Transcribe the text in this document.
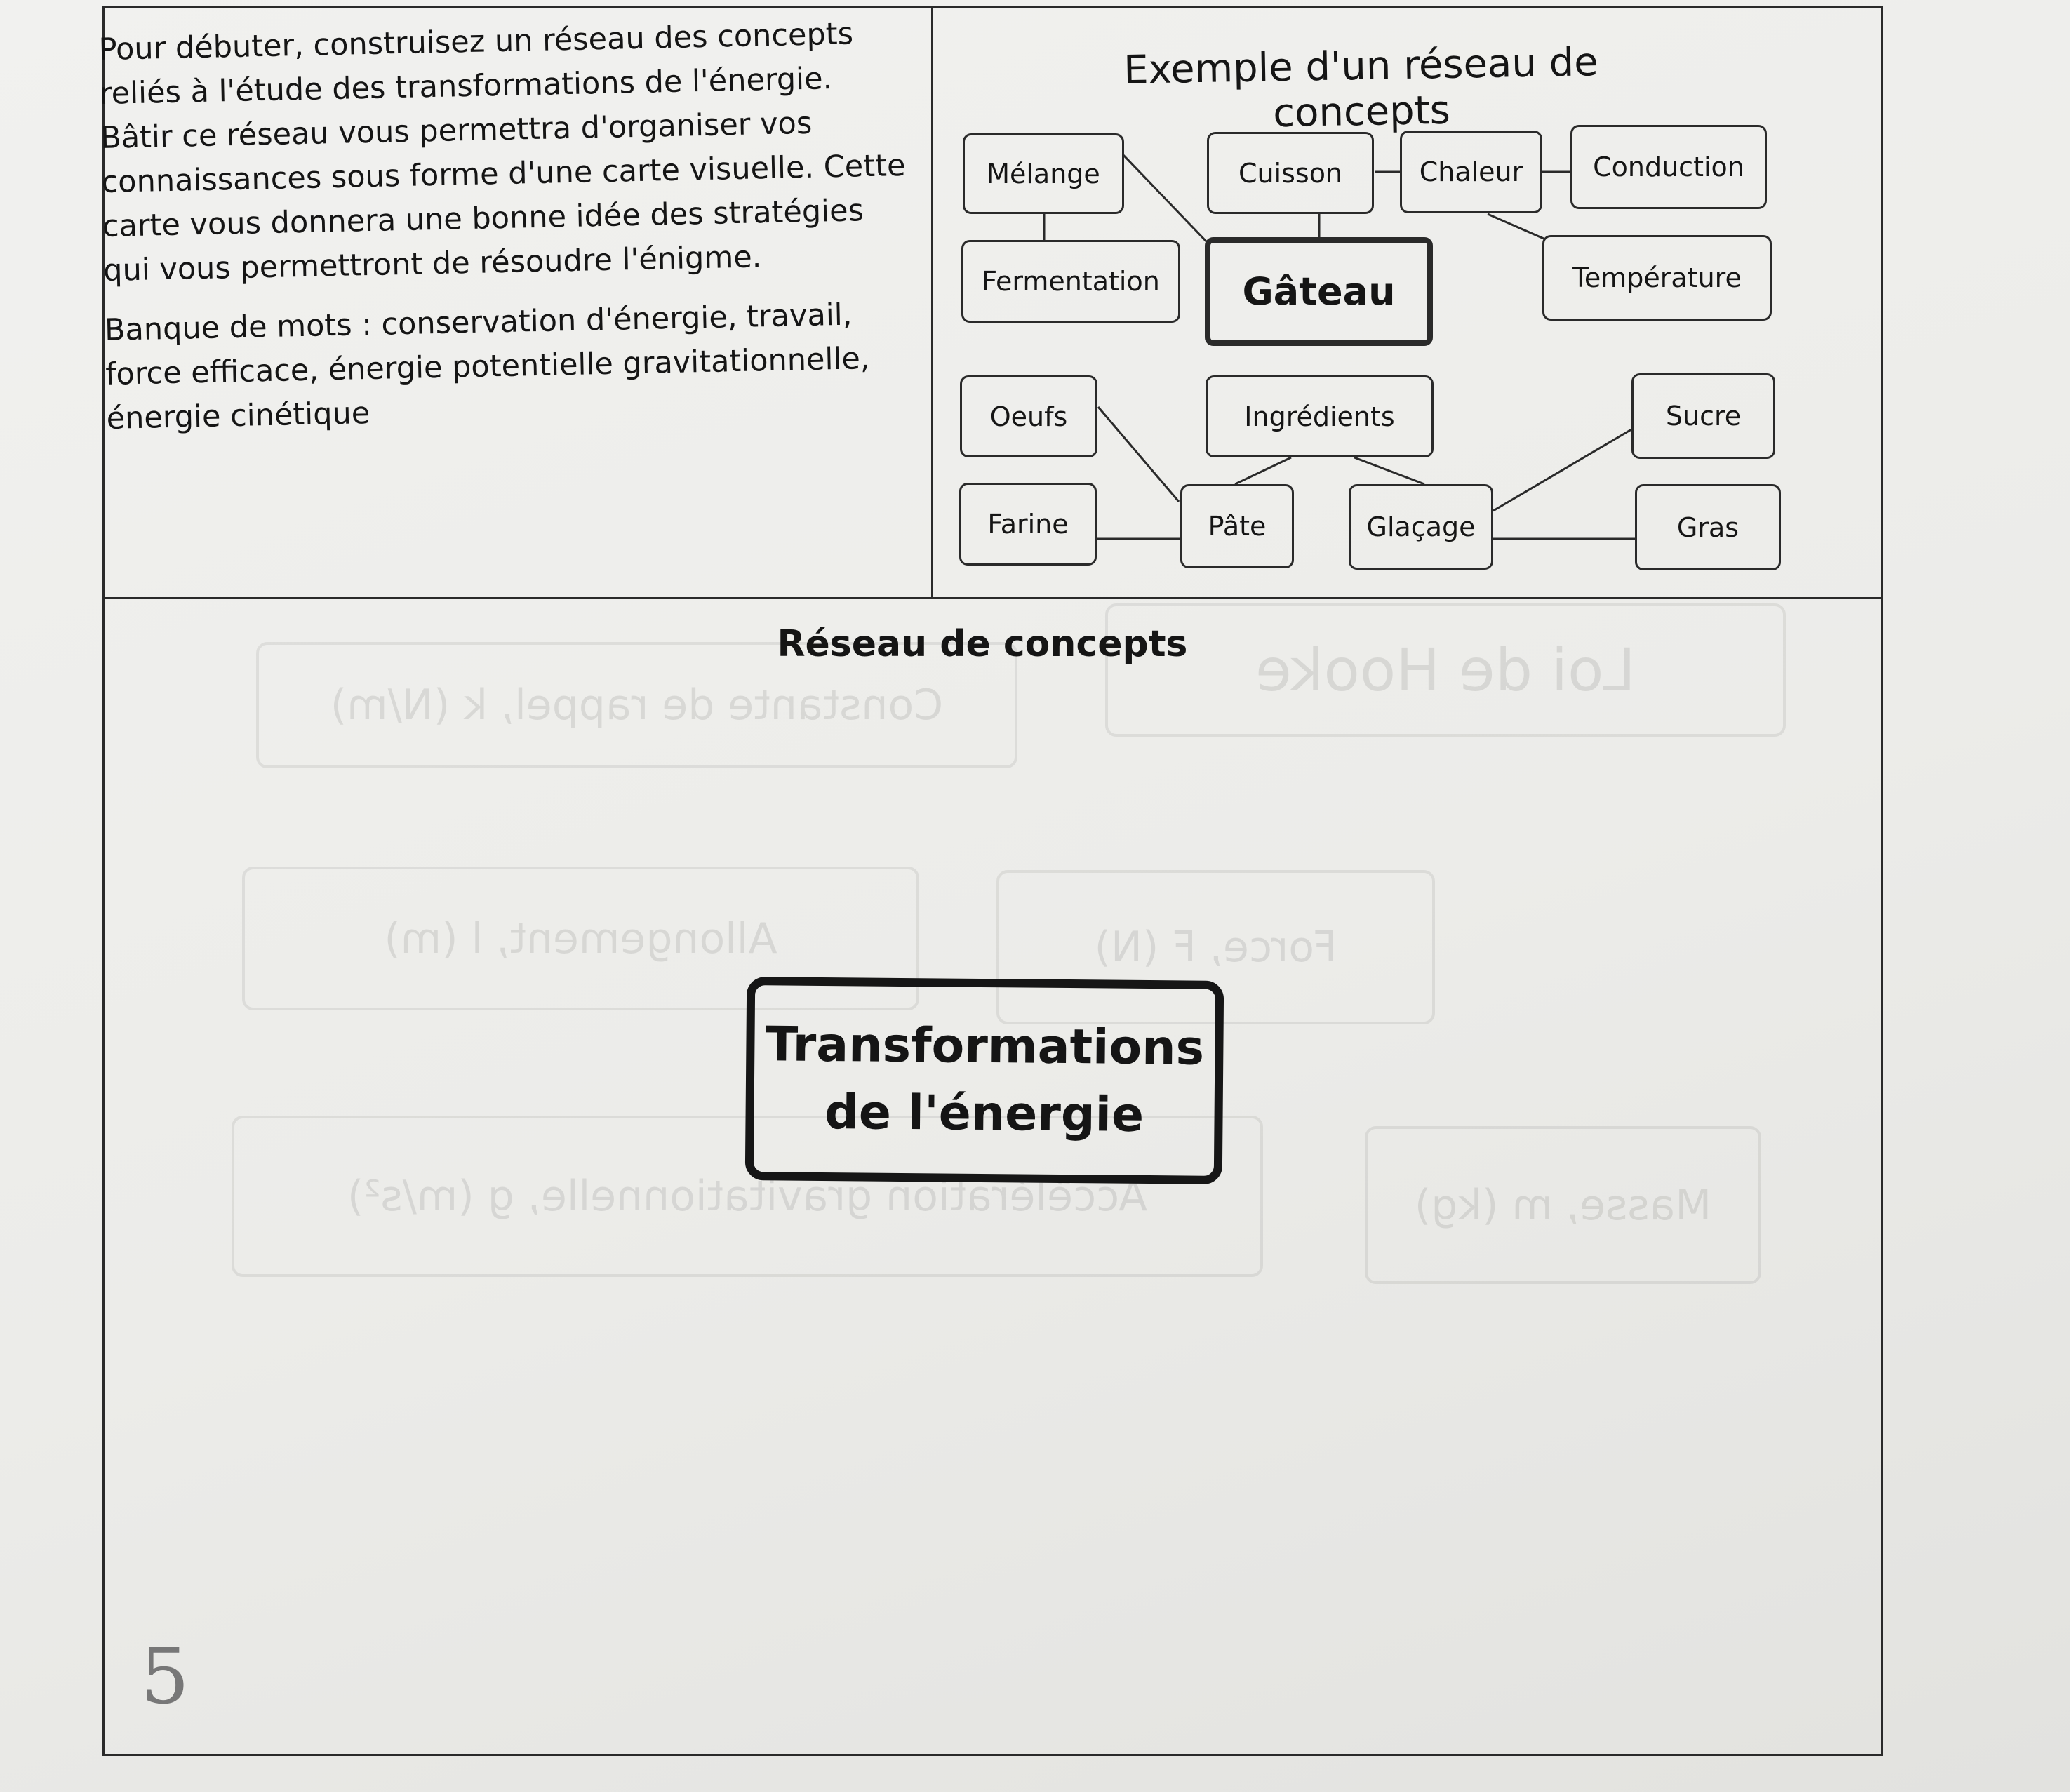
Constante de rappel, k (N/m)
Loi de Hooke
Allongement, l (m)	Force, F (N)
Accélération gravitationnelle, g (m/s²)	Masse, m (kg)

Pour débuter, construisez un réseau des concepts reliés à l'étude des transformations de l'énergie. Bâtir ce réseau vous permettra d'organiser vos connaissances sous forme d'une carte visuelle. Cette carte vous donnera une bonne idée des stratégies qui vous permettront de résoudre l'énigme.

Banque de mots : conservation d'énergie, travail, force efficace, énergie potentielle gravitationnelle, énergie cinétique

Exemple d'un réseau de concepts
Mélange	Cuisson	Chaleur	Conduction
Fermentation Gâteau	Température
Oeufs	Ingrédients	Sucre
Farine	Pâte	Glaçage	Gras
Réseau de concepts
Transformations
de l'énergie
5
